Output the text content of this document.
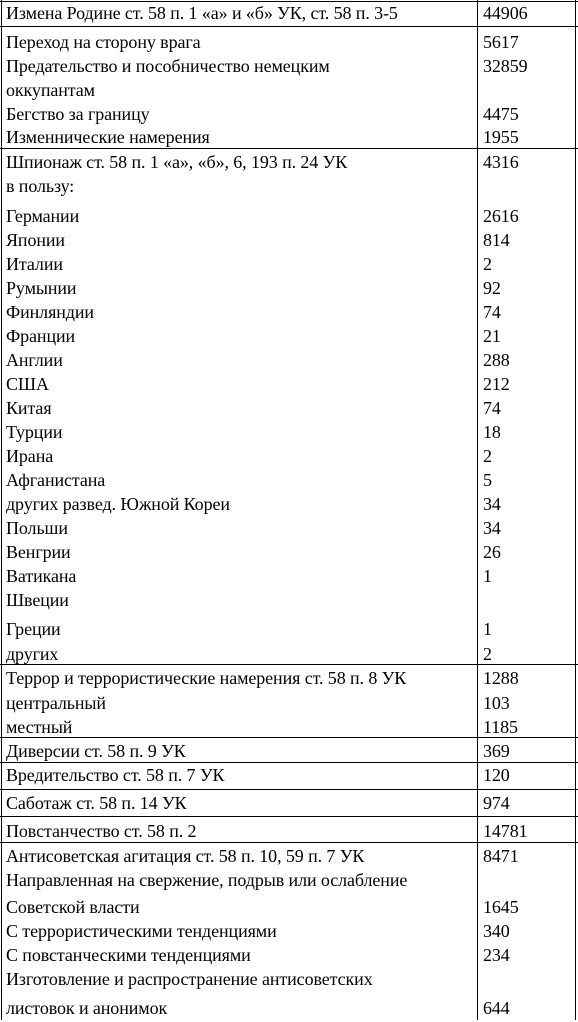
Измена Родине ст. 58 п. 1 «а» и «б» УК, ст. 58 п. 3-5	44906
Переход на сторону врага	5617
Предательство и пособничество немецким	32859
оккупантам
Бегство за границу	4475
Изменнические намерения	1955
Шпионаж ст. 58 п. 1 «а», «б», 6, 193 п. 24 УК	4316
в пользу:
Германии	2616
Японии	814
Италии	2
Румынии	92
Финляндии	74
Франции	21
Англии	288
США	212
Китая	74
Турции	18
Ирана	2
Афганистана	5
других развед. Южной Кореи	34
Польши	34
Венгрии	26
Ватикана	1
Швеции
Греции	1
других	2
Террор и террористические намерения ст. 58 п. 8 УК	1288
центральный	103
местный	1185
Диверсии ст. 58 п. 9 УК	369
Вредительство ст. 58 п. 7 УК	120
Саботаж ст. 58 п. 14 УК	974
Повстанчество ст. 58 п. 2	14781
Антисоветская агитация ст. 58 п. 10, 59 п. 7 УК	8471
Направленная на свержение, подрыв или ослабление
Советской власти	1645
С террористическими тенденциями	340
С повстанческими тенденциями	234
Изготовление и распространение антисоветских
листовок и анонимок	644
